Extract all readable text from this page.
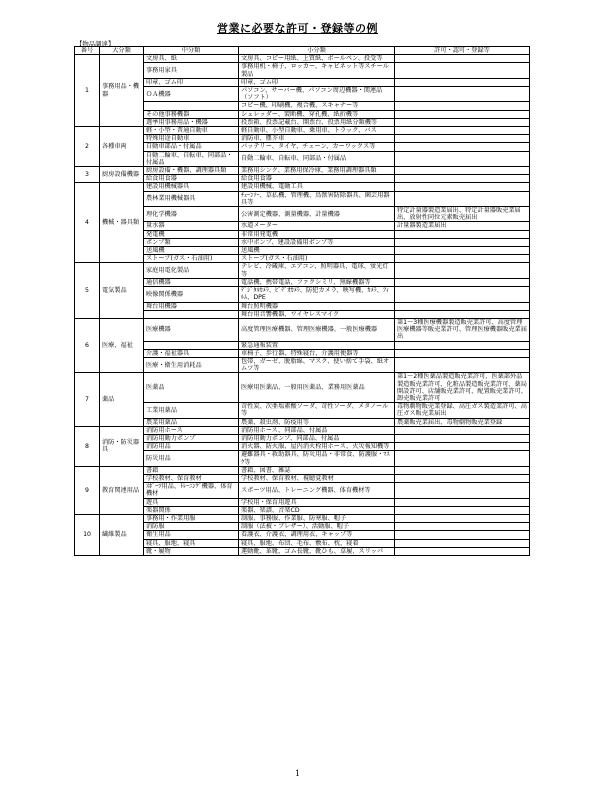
営業に必要な許可・登録等の例
【物品調達】
番号	大分類	中分類	小分類	許可・認可・登録等
1	事務用品・機器	文房具、紙	文房具、コピー用紙、上質紙、ボールペン、投受等	
		事務用家具	事務用机・椅子、ロッカー、キャビネット等スチール製品	
		印章、ゴム印	印章、ゴム印	
		ＯＡ機器	パソコン、サーバー機、パソコン周辺機器・関連品（ソフト）	
			コピー機、印刷機、複合機、スキャナー等	
		その他事務機器	シュレッダー、製断機、穿孔機、紙折機等	
		選挙用事務用品・機器	投票箱、投票記載台、開票台、投票用紙分類機等	
2	各種車両	軽・小型・普通自動車	軽自動車、小型自動車、乗用車、トラック、バス	
		特殊用途自動車	消防車、塵芥車	
		自動車部品・付属品	バッテリー、タイヤ、チェーン、カーワックス等	
		自動二輪車、自転車、同部品・付属品	自動二輪車、自転車、同部品・付属品	
3	厨房設備機器	厨房設備・機器、調理器具類	業務用シンク、業務用保冷庫、業務用調理器具類	
		給食用食器	給食用食器	
4	機械・器具類	建設用機械器具	建設用機械、電動工具	
		農林業用機械器具	ﾁｪｰﾝｿｰ、草払機、管理機、鳥獣害防除器具、園芸用器具等	
		理化学機器	公害測定機器、測量機器、計量機器	特定計量器製造業届出、特定計量器販売業届出、放射性同位元素販売届出
		量水器	水道メーター	計量器製造業届出
		発電機	非常用発電機	
		ポンプ類	水中ポンプ、建設設備用ポンプ等	
		送風機	送風機	
		ストーブ(ガス・石油用)	ストーブ(ガス・石油用)	
5	電気製品	家庭用電化製品	テレビ、冷蔵庫、エアコン、照明器具、電球、蛍光灯等	
		通信機器	電話機、携帯電話、ファクシミリ、無線機器等	
		映像関係機器	ﾃﾞｼﾞﾀﾙｶﾒﾗ、ﾋﾞﾃﾞｵｶﾒﾗ、防犯カメラ、映写機、ｶﾒﾗ、ﾌｨﾙﾑ、DPE	
		舞台用機器	舞台照明機器	
			舞台用音響機器、ワイヤレスマイク	
6	医療、福祉	医療機器	高度管理医療機器、管理医療機器、一般医療機器	第1～3種医療機器製造販売業許可、高度管理医療機器等販売業許可、管理医療機器販売業届出
			緊急通報装置	
		介護・福祉器具	車椅子、歩行器、特殊寝台、介護用便器等	
		医療・衛生用消耗品	包帯、ガーゼ、脱脂綿、マスク、使い捨て手袋、紙オムツ等	
7	薬品	医薬品	医療用医薬品、一般用医薬品、業務用医薬品	第1～2種医薬品製造販売業許可、医薬部外品製造販売業許可、化粧品製造販売業許可、薬局開設許可、店舗販売業許可、配置販売業許可、卸売販売業許可
		工業用薬品	苛性炭、次亜塩素酸ソーダ、苛性ソーダ、メタノール等	毒物劇物販売業登録、高圧ガス製造業許可、高圧ガス販売業届出
		農業用薬品	農薬、殺虫剤、防疫用等	農薬販売業届出、毒物劇物販売業登録
8	消防・防災器具	消防用ホース	消防用ホース、同部品、付属品	
		消防用動力ポンプ	消防用動力ポンプ、同部品、付属品	
		消防用品	消火器、防火服、屋内消火栓用ホース、火災報知機等	
		防災用品	避難器具・救助器具、防災用品・非常食、防護服・ﾏｽｸ等	
9	教育関連用品	書籍	書籍、図書、雑誌	
		学校教材、保育教材	学校教材、保育教材、視聴覚教材	
		ｽﾎﾟｰﾂ用品、ﾄﾚｰﾆﾝｸﾞ機器、体育機材	スポーツ用品、トレーニング機器、体育機材等	
		遊具	学校用・保育用遊具	
		楽器関係	楽器、楽譜、音楽CD	
10	繊維製品	事務用・作業用服	制服、事務服、作業服、防寒服、帽子	
		消防服	制服（法被・ブレザー）、活動服、帽子	
		衛生用品	看護衣、介護衣、調理用衣、キャップ等	
		寝具、服地、寝具	寝具、服地、布団、毛布、敷布、枕、寝着	
		靴・履物	運動靴、革靴、ゴム長靴、靴ひも、草履、スリッパ	
1
